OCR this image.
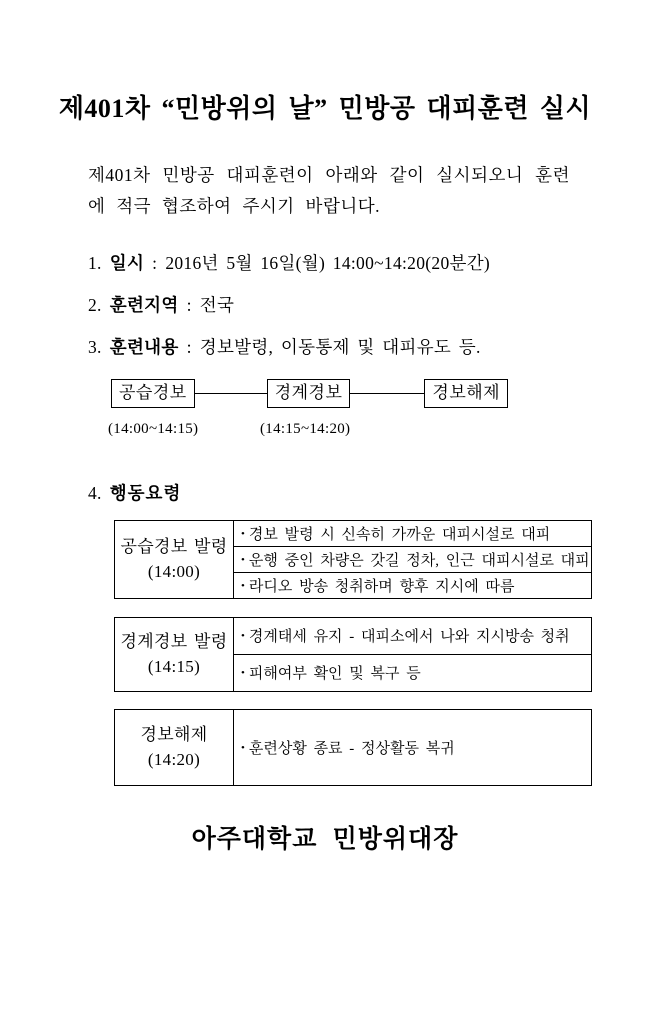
제401차 “민방위의 날” 민방공 대피훈련 실시
제401차 민방공 대피훈련이 아래와 같이 실시되오니 훈련
에 적극 협조하여 주시기 바랍니다.
1. 일시 : 2016년 5월 16일(월) 14:00~14:20(20분간)
2. 훈련지역 : 전국
3. 훈련내용 : 경보발령, 이동통제 및 대피유도 등.
공습경보	경계경보	경보해제
(14:00~14:15)	(14:15~14:20)
4. 행동요령
공습경보 발령
(14:00)
	• 경보 발령 시 신속히 가까운 대피시설로 대피
• 운행 중인 차량은 갓길 정차, 인근 대피시설로 대피
• 라디오 방송 청취하며 향후 지시에 따름
경계경보 발령
(14:15)
	• 경계태세 유지 - 대피소에서 나와 지시방송 청취
• 피해여부 확인 및 복구 등
경보해제
(14:20)
	• 훈련상황 종료 - 정상활동 복귀
아주대학교 민방위대장
